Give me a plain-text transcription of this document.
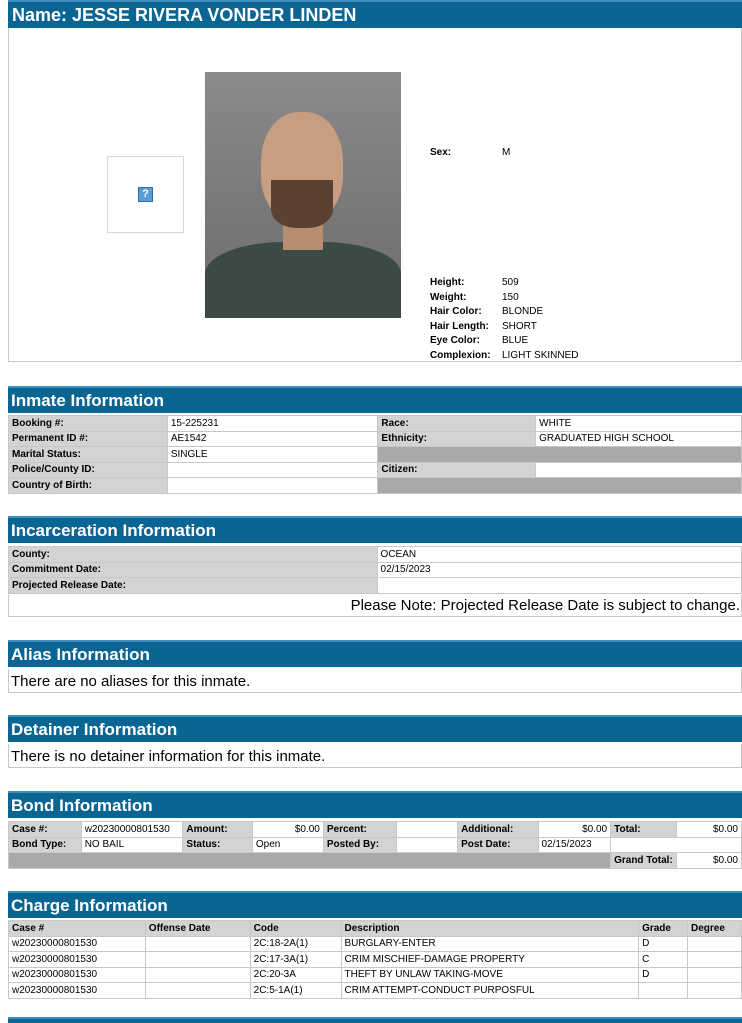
Name: JESSE RIVERA VONDER LINDEN
?
Sex:	M
Height:	509
Weight:	150
Hair Color: BLONDE
Hair Length: SHORT
Eye Color: BLUE
Complexion: LIGHT SKINNED
Inmate Information
Booking #:	15-225231	Race:	WHITE
Permanent ID #:	AE1542	Ethnicity:	GRADUATED HIGH SCHOOL
Marital Status:	SINGLE		
Police/County ID:		Citizen:	
Country of Birth:			
Incarceration Information
County:	OCEAN
Commitment Date:	02/15/2023
Projected Release Date:	
Please Note: Projected Release Date is subject to change.
Alias Information
There are no aliases for this inmate.
Detainer Information
There is no detainer information for this inmate.
Bond Information
Case #:	w20230000801530	Amount:	$0.00	Percent:		Additional:	$0.00	Total:	$0.00
Bond Type:	NO BAIL	Status:	Open	Posted By:		Post Date:	02/15/2023		
								Grand Total:	$0.00
Charge Information
Case #	Offense Date	Code	Description	Grade	Degree
w20230000801530		2C:18-2A(1)	BURGLARY-ENTER	D	
w20230000801530		2C:17-3A(1)	CRIM MISCHIEF-DAMAGE PROPERTY	C	
w20230000801530		2C:20-3A	THEFT BY UNLAW TAKING-MOVE	D	
w20230000801530		2C:5-1A(1)	CRIM ATTEMPT-CONDUCT PURPOSFUL		
